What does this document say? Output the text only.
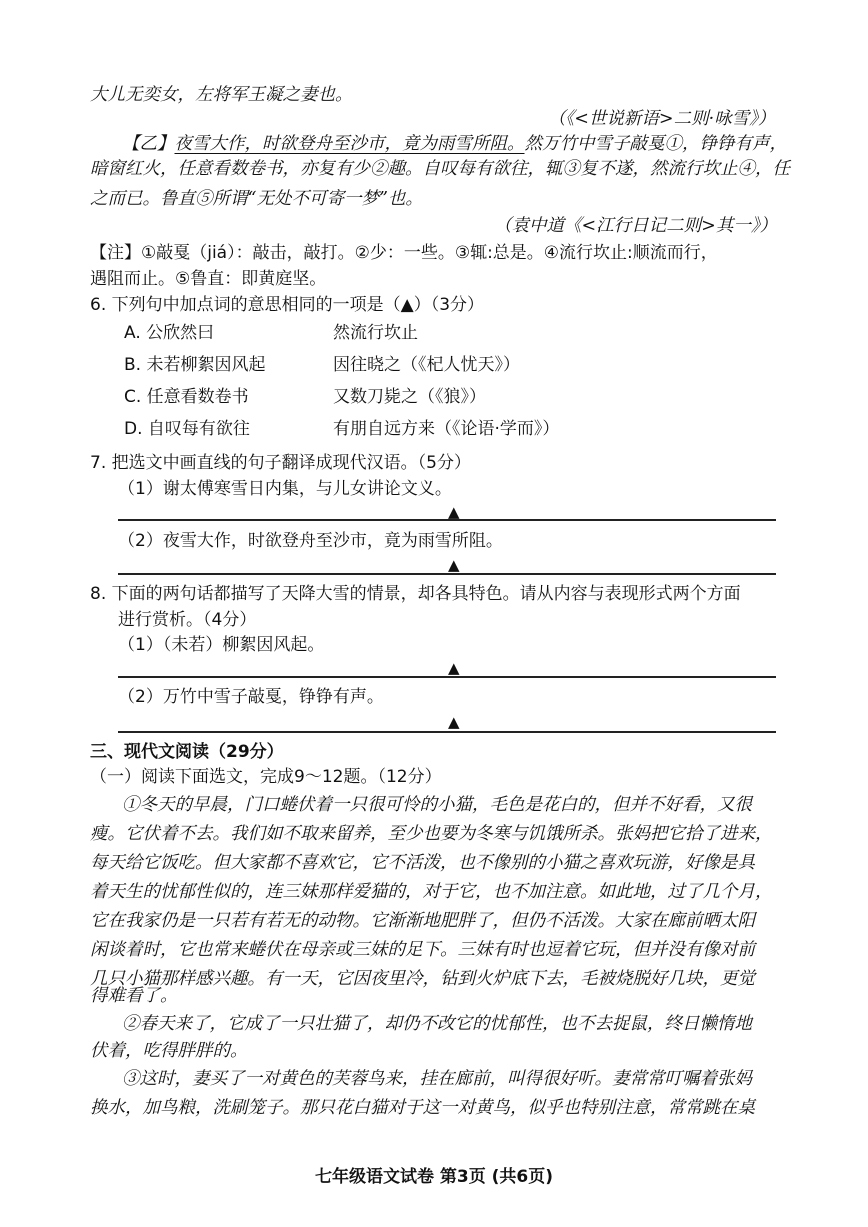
大儿无奕女，左将军王凝之妻也。
（《<世说新语>二则·咏雪》）
【乙】夜雪大作，时欲登舟至沙市，竟为雨雪所阻。然万竹中雪子敲戛①，铮铮有声，
暗窗红火，任意看数卷书，亦复有少②趣。自叹每有欲往，辄③复不遂，然流行坎止④，任
之而已。鲁直⑤所谓“无处不可寄一梦”也。
（袁中道《<江行日记二则>其一》）
【注】①敲戛（jiá）：敲击，敲打。②少：一些。③辄:总是。④流行坎止:顺流而行，
遇阻而止。⑤鲁直：即黄庭坚。
6. 下列句中加点词的意思相同的一项是（▲）（3分）
A. 公欣然曰	然流行坎止
B. 未若柳絮因风起	因往晓之（《杞人忧天》）
C. 任意看数卷书	又数刀毙之（《狼》）
D. 自叹每有欲往	有朋自远方来（《论语·学而》）
7. 把选文中画直线的句子翻译成现代汉语。（5分）
（1）谢太傅寒雪日内集，与儿女讲论文义。
▲
（2）夜雪大作，时欲登舟至沙市，竟为雨雪所阻。
▲
8. 下面的两句话都描写了天降大雪的情景，却各具特色。请从内容与表现形式两个方面
进行赏析。（4分）
（1）（未若）柳絮因风起。
▲
（2）万竹中雪子敲戛，铮铮有声。
▲
三、现代文阅读（29分）
（一）阅读下面选文，完成9～12题。（12分）
①冬天的早晨，门口蜷伏着一只很可怜的小猫，毛色是花白的，但并不好看，又很
瘦。它伏着不去。我们如不取来留养，至少也要为冬寒与饥饿所杀。张妈把它拾了进来，
每天给它饭吃。但大家都不喜欢它，它不活泼，也不像别的小猫之喜欢玩游，好像是具
着天生的忧郁性似的，连三妹那样爱猫的，对于它，也不加注意。如此地，过了几个月，
它在我家仍是一只若有若无的动物。它渐渐地肥胖了，但仍不活泼。大家在廊前晒太阳
闲谈着时，它也常来蜷伏在母亲或三妹的足下。三妹有时也逗着它玩，但并没有像对前
几只小猫那样感兴趣。有一天，它因夜里冷，钻到火炉底下去，毛被烧脱好几块，更觉
得难看了。
②春天来了，它成了一只壮猫了，却仍不改它的忧郁性，也不去捉鼠，终日懒惰地
伏着，吃得胖胖的。
③这时，妻买了一对黄色的芙蓉鸟来，挂在廊前，叫得很好听。妻常常叮嘱着张妈
换水，加鸟粮，洗刷笼子。那只花白猫对于这一对黄鸟，似乎也特别注意，常常跳在桌
七年级语文试卷 第3页 (共6页)
